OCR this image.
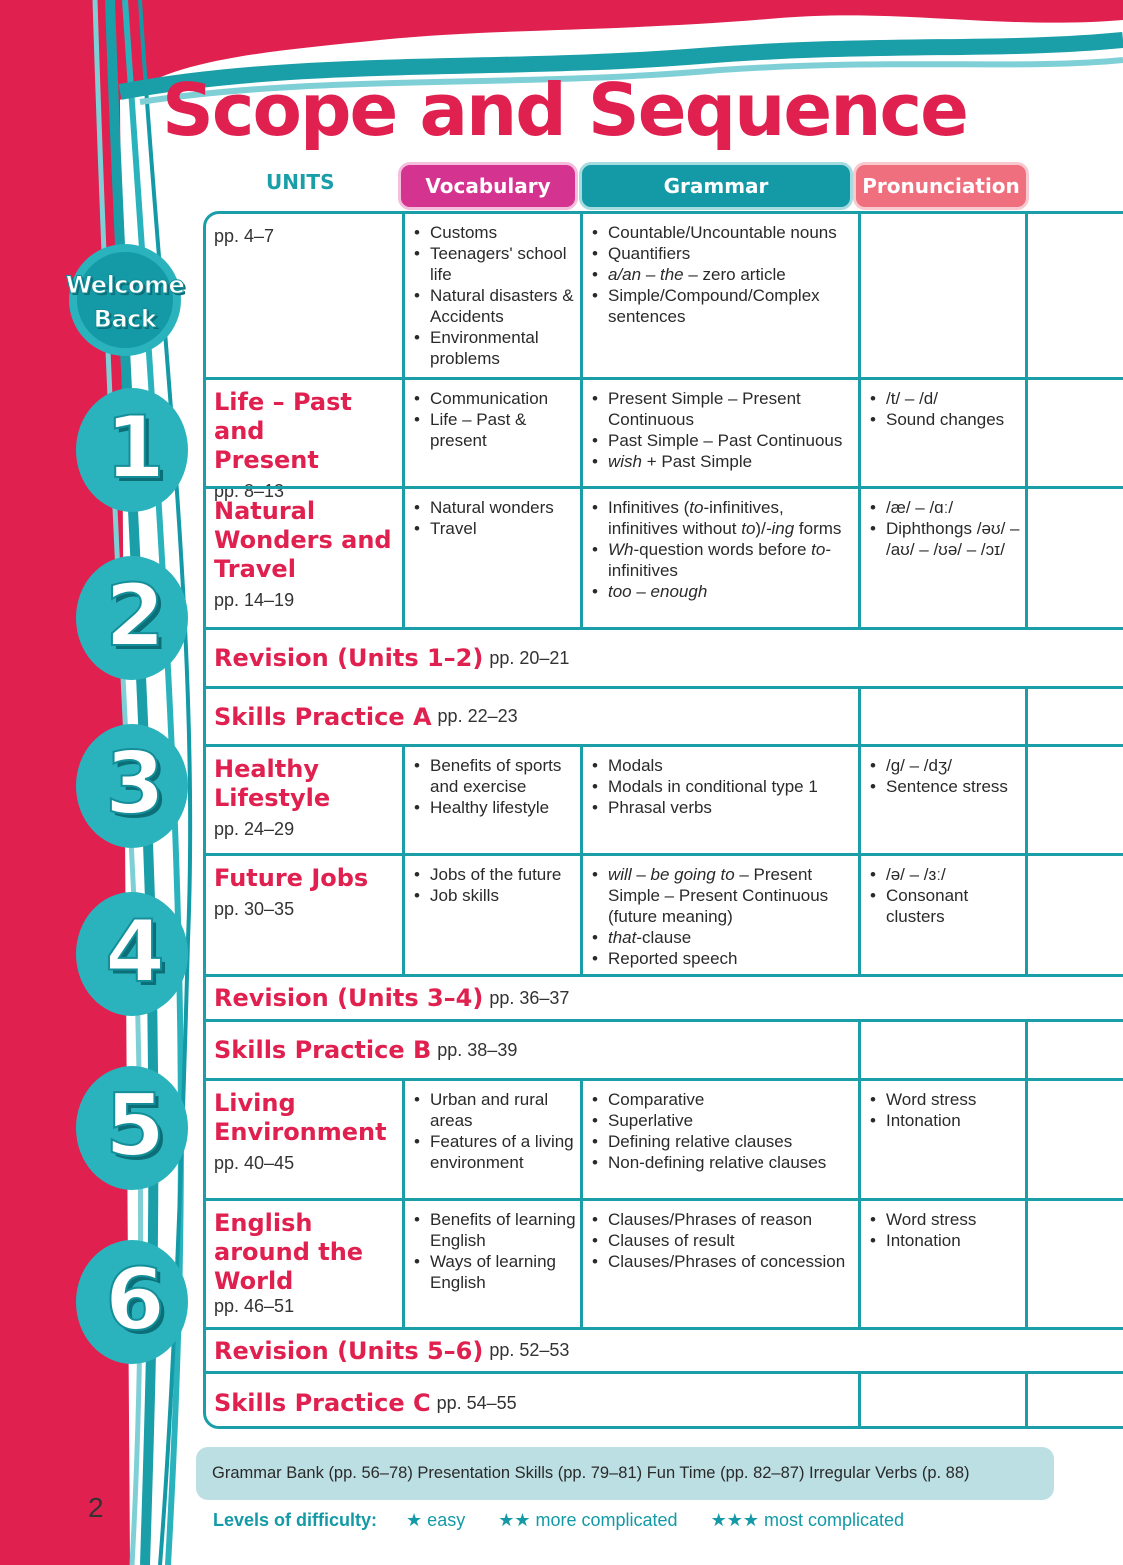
Scope and Sequence
UNITS	Vocabulary	Grammar	Pronunciation
Welcome
Back
1
2
3
4
5
6
pp. 4–7
•	Customs
• Teenagers' school life
• Natural disasters & Accidents
• Environmental problems
• Countable/Uncountable nouns
• Quantifiers
• a/an – the – zero article
• Simple/Compound/Complex sentences
Life – Past and Present
pp. 8–13
• Communication
• Life – Past & present
• Present Simple – Present Continuous
• Past Simple – Past Continuous
• wish + Past Simple
• /t/ – /d/
• Sound changes
Natural Wonders and Travel
pp. 14–19
• Natural wonders
• Travel
• Infinitives (to-infinitives, infinitives without to)/-ing forms
• Wh-question words before to-infinitives
• too – enough
• /æ/ – /ɑː/
• Diphthongs /əʊ/ – /aʊ/ – /ʊə/ – /ɔɪ/
Revision (Units 1–2) pp. 20–21
Skills Practice A pp. 22–23
Healthy Lifestyle
pp. 24–29
• Benefits of sports and exercise
• Healthy lifestyle
• Modals
• Modals in conditional type 1
• Phrasal verbs
• /g/ – /dʒ/
• Sentence stress
Future Jobs
pp. 30–35
• Jobs of the future
• Job skills
• will – be going to – Present Simple – Present Continuous (future meaning)
• that-clause
• Reported speech
• /ə/ – /ɜː/
• Consonant clusters
Revision (Units 3–4) pp. 36–37
Skills Practice B pp. 38–39
Living Environment
pp. 40–45
• Urban and rural areas
• Features of a living environment
• Comparative
• Superlative
• Defining relative clauses
• Non-defining relative clauses
• Word stress
• Intonation
English around the World
pp. 46–51
• Benefits of learning English
• Ways of learning English
• Clauses/Phrases of reason
• Clauses of result
• Clauses/Phrases of concession
• Word stress
• Intonation
Revision (Units 5–6) pp. 52–53
Skills Practice C pp. 54–55
Grammar Bank (pp. 56–78) Presentation Skills (pp. 79–81) Fun Time (pp. 82–87) Irregular Verbs (p. 88)
Levels of difficulty: ★ easy ★★ more complicated ★★★ most complicated
2
